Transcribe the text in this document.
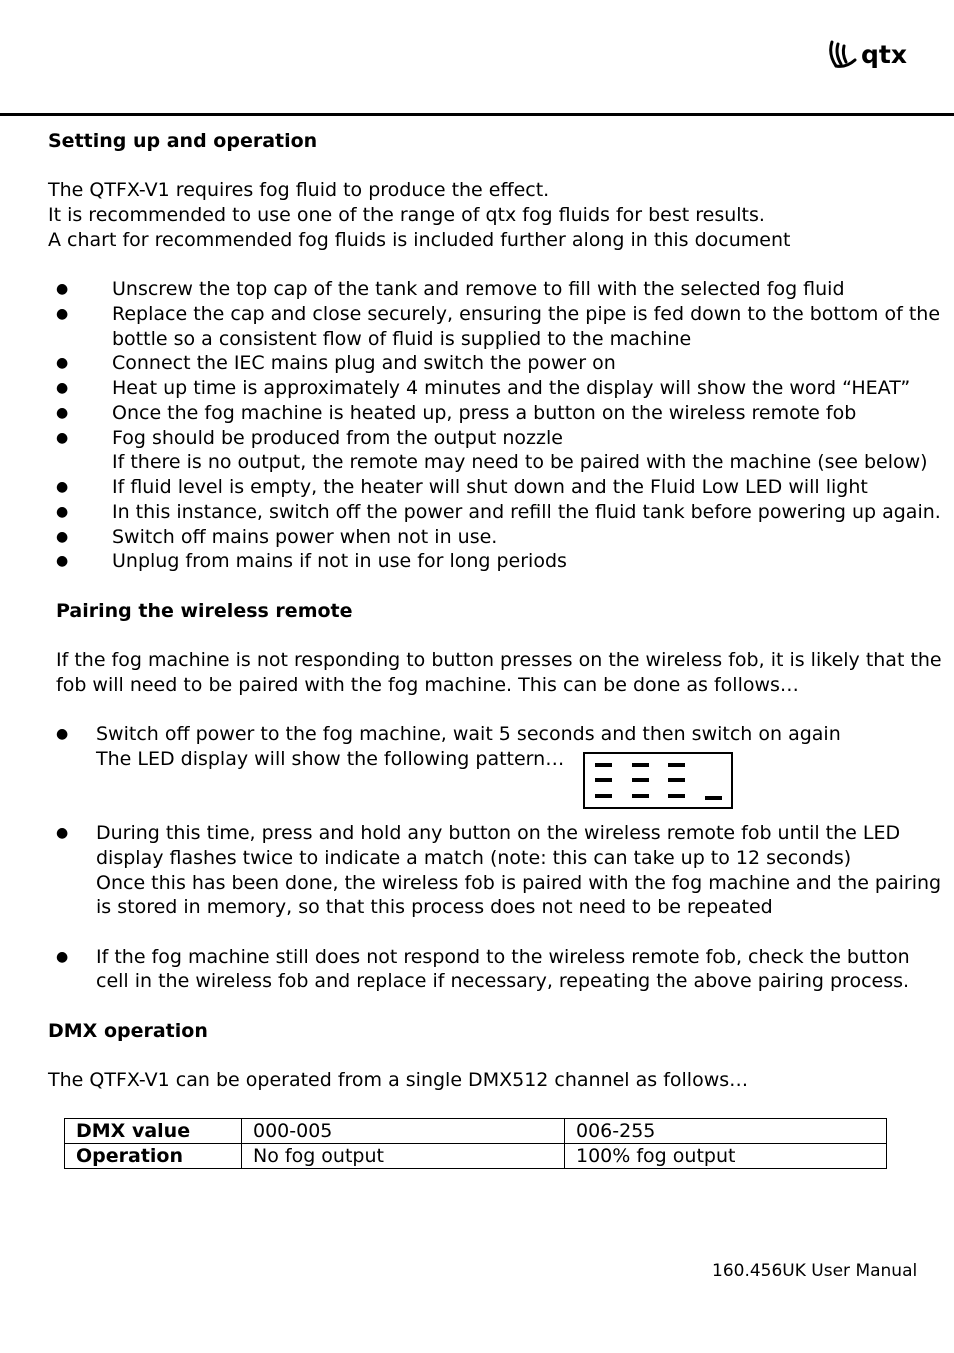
qtx
Setting up and operation
The QTFX-V1 requires fog fluid to produce the effect.
It is recommended to use one of the range of qtx fog fluids for best results.
A chart for recommended fog fluids is included further along in this document
● Unscrew the top cap of the tank and remove to fill with the selected fog fluid
● Replace the cap and close securely, ensuring the pipe is fed down to the bottom of the
bottle so a consistent flow of fluid is supplied to the machine
● Connect the IEC mains plug and switch the power on
● Heat up time is approximately 4 minutes and the display will show the word “HEAT”
● Once the fog machine is heated up, press a button on the wireless remote fob
● Fog should be produced from the output nozzle
If there is no output, the remote may need to be paired with the machine (see below)
● If fluid level is empty, the heater will shut down and the Fluid Low LED will light
● In this instance, switch off the power and refill the fluid tank before powering up again.
● Switch off mains power when not in use.
● Unplug from mains if not in use for long periods
Pairing the wireless remote
If the fog machine is not responding to button presses on the wireless fob, it is likely that the
fob will need to be paired with the fog machine. This can be done as follows…
● Switch off power to the fog machine, wait 5 seconds and then switch on again
The LED display will show the following pattern…
● During this time, press and hold any button on the wireless remote fob until the LED
display flashes twice to indicate a match (note: this can take up to 12 seconds)
Once this has been done, the wireless fob is paired with the fog machine and the pairing
is stored in memory, so that this process does not need to be repeated
● If the fog machine still does not respond to the wireless remote fob, check the button
cell in the wireless fob and replace if necessary, repeating the above pairing process.
DMX operation
The QTFX-V1 can be operated from a single DMX512 channel as follows…
DMX value	000-005	006-255
Operation	No fog output	100% fog output
160.456UK User Manual
